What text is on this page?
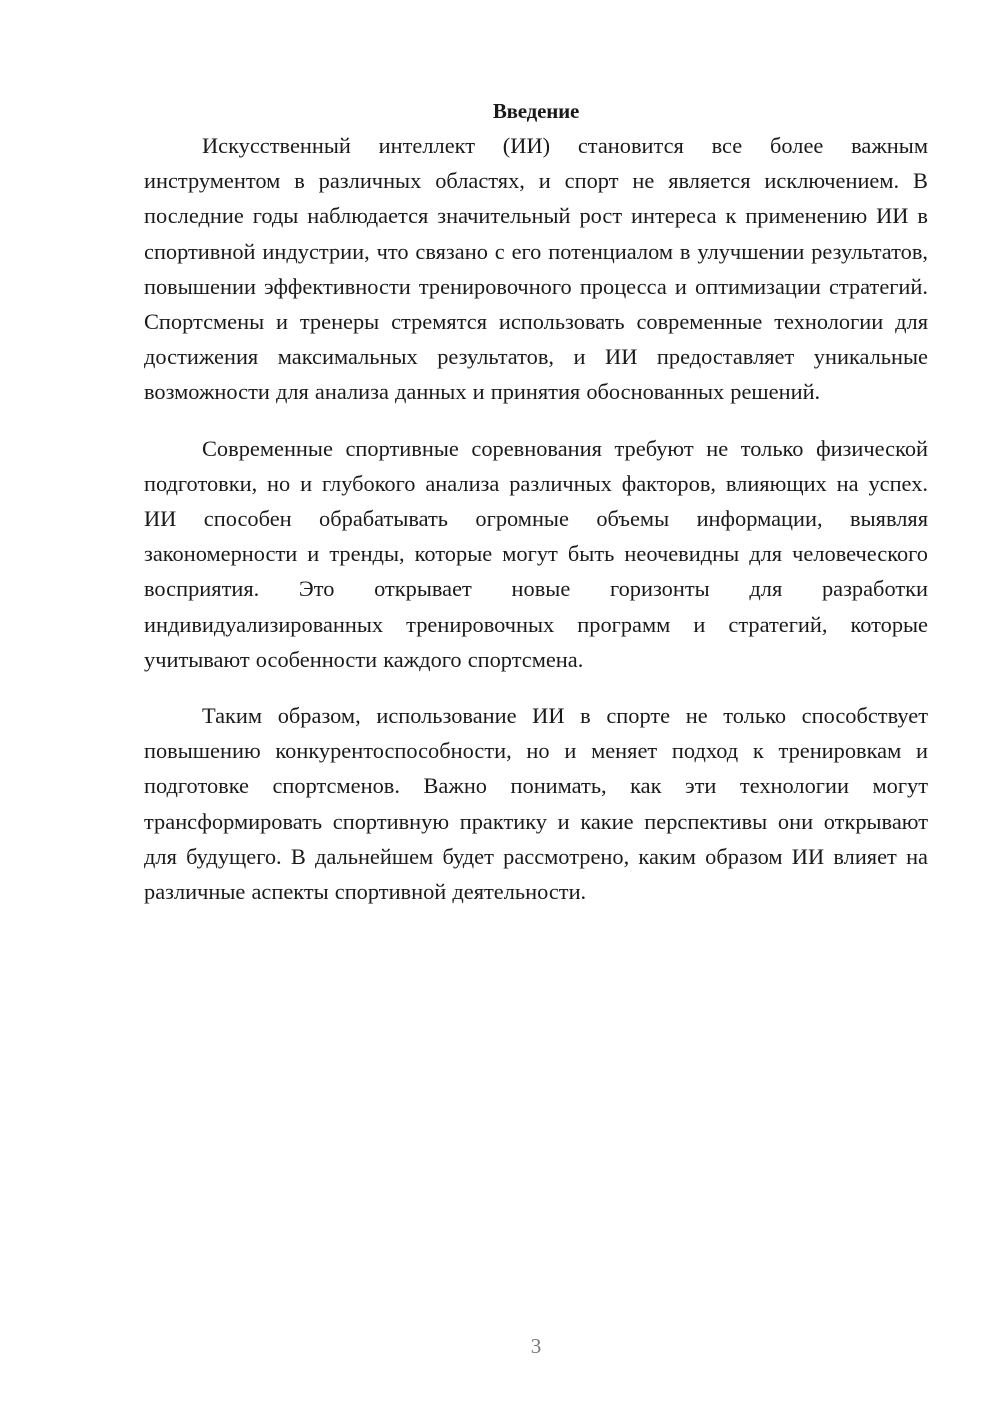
Введение

Искусственный интеллект (ИИ) становится все более важным инструментом в различных областях, и спорт не является исключением. В последние годы наблюдается значительный рост интереса к применению ИИ в спортивной индустрии, что связано с его потенциалом в улучшении результатов, повышении эффективности тренировочного процесса и оптимизации стратегий. Спортсмены и тренеры стремятся использовать современные технологии для достижения максимальных результатов, и ИИ предоставляет уникальные возможности для анализа данных и принятия обоснованных решений.

Современные спортивные соревнования требуют не только физической подготовки, но и глубокого анализа различных факторов, влияющих на успех. ИИ способен обрабатывать огромные объемы информации, выявляя закономерности и тренды, которые могут быть неочевидны для человеческого восприятия. Это открывает новые горизонты для разработки индивидуализированных тренировочных программ и стратегий, которые учитывают особенности каждого спортсмена.

Таким образом, использование ИИ в спорте не только способствует повышению конкурентоспособности, но и меняет подход к тренировкам и подготовке спортсменов. Важно понимать, как эти технологии могут трансформировать спортивную практику и какие перспективы они открывают для будущего. В дальнейшем будет рассмотрено, каким образом ИИ влияет на различные аспекты спортивной деятельности.

3
